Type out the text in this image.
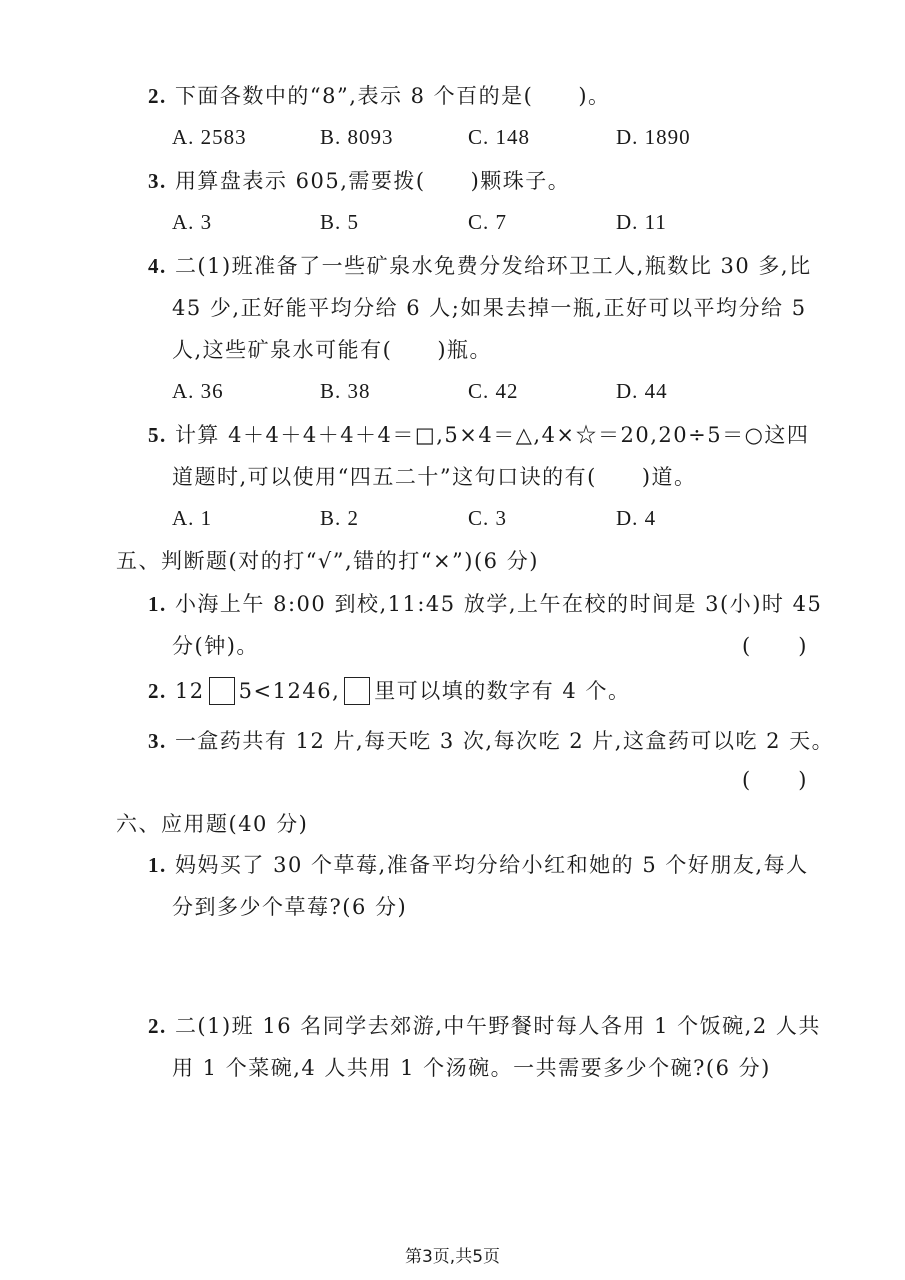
2. 下面各数中的“8”,表示 8 个百的是(　　)。
A. 2583	B. 8093	C. 148	D. 1890
3. 用算盘表示 605,需要拨(　　)颗珠子。
A. 3	B. 5	C. 7	D. 11
4. 二(1)班准备了一些矿泉水免费分发给环卫工人,瓶数比 30 多,比
45 少,正好能平均分给 6 人;如果去掉一瓶,正好可以平均分给 5
人,这些矿泉水可能有(　　)瓶。
A. 36	B. 38	C. 42	D. 44
5. 计算 4＋4＋4＋4＋4＝□,5×4＝△,4×☆＝20,20÷5＝○这四
道题时,可以使用“四五二十”这句口诀的有(　　)道。
A. 1	B. 2	C. 3	D. 4
五、判断题(对的打“√”,错的打“×”)(6 分)
1. 小海上午 8:00 到校,11:45 放学,上午在校的时间是 3(小)时 45
分(钟)。	(　　)
2. 12 5<1246, 里可以填的数字有 4 个。
3. 一盒药共有 12 片,每天吃 3 次,每次吃 2 片,这盒药可以吃 2 天。
(　　)
六、应用题(40 分)
1. 妈妈买了 30 个草莓,准备平均分给小红和她的 5 个好朋友,每人
分到多少个草莓?(6 分)
2. 二(1)班 16 名同学去郊游,中午野餐时每人各用 1 个饭碗,2 人共
用 1 个菜碗,4 人共用 1 个汤碗。一共需要多少个碗?(6 分)
第3页,共5页
